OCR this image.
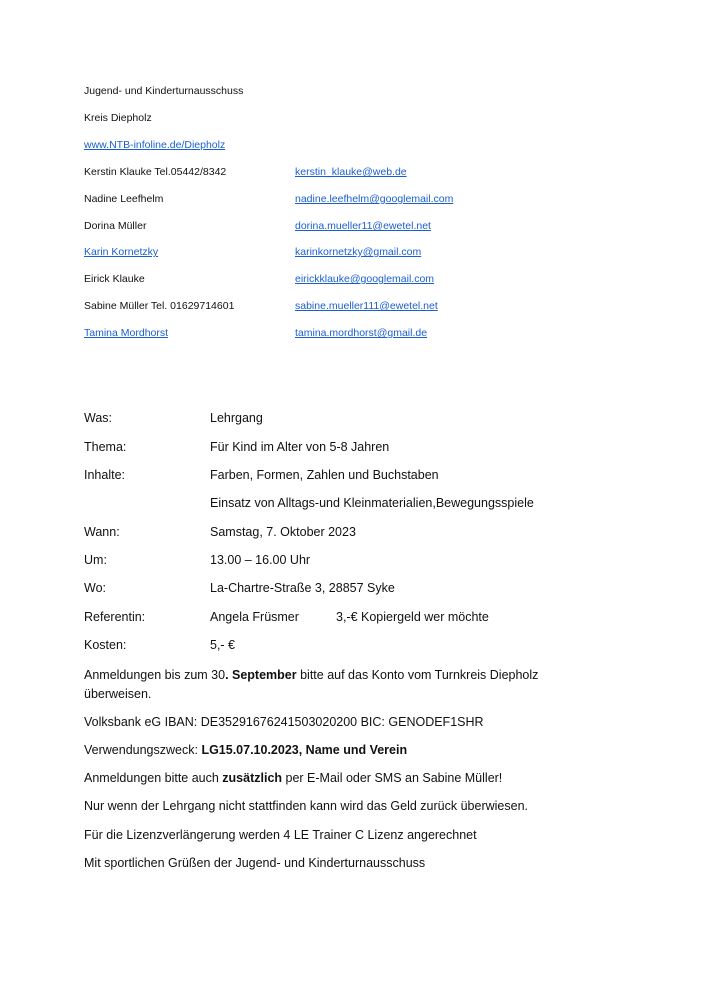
Jugend- und Kinderturnausschuss
Kreis Diepholz
www.NTB-infoline.de/Diepholz
Kerstin Klauke Tel.05442/8342	kerstin_klauke@web.de
Nadine Leefhelm	nadine.leefhelm@googlemail.com
Dorina Müller	dorina.mueller11@ewetel.net
Karin Kornetzky	karinkornetzky@gmail.com
Eirick Klauke	eirickklauke@googlemail.com
Sabine Müller Tel. 01629714601	sabine.mueller111@ewetel.net
Tamina Mordhorst	tamina.mordhorst@gmail.de
Was:	Lehrgang
Thema:	Für Kind im Alter von 5-8 Jahren
Inhalte:	Farben, Formen, Zahlen und Buchstaben
Einsatz von Alltags-und Kleinmaterialien,Bewegungsspiele
Wann:	Samstag, 7. Oktober 2023
Um:	13.00 – 16.00 Uhr
Wo:	La-Chartre-Straße 3, 28857 Syke
Referentin:	Angela Früsmer	3,-€ Kopiergeld wer möchte
Kosten:	5,- €
Anmeldungen bis zum 30. September bitte auf das Konto vom Turnkreis Diepholz überweisen.
Volksbank eG IBAN: DE35291676241503020200 BIC: GENODEF1SHR
Verwendungszweck: LG15.07.10.2023, Name und Verein
Anmeldungen bitte auch zusätzlich per E-Mail oder SMS an Sabine Müller!
Nur wenn der Lehrgang nicht stattfinden kann wird das Geld zurück überwiesen.
Für die Lizenzverlängerung werden 4 LE Trainer C Lizenz angerechnet
Mit sportlichen Grüßen der Jugend- und Kinderturnausschuss
